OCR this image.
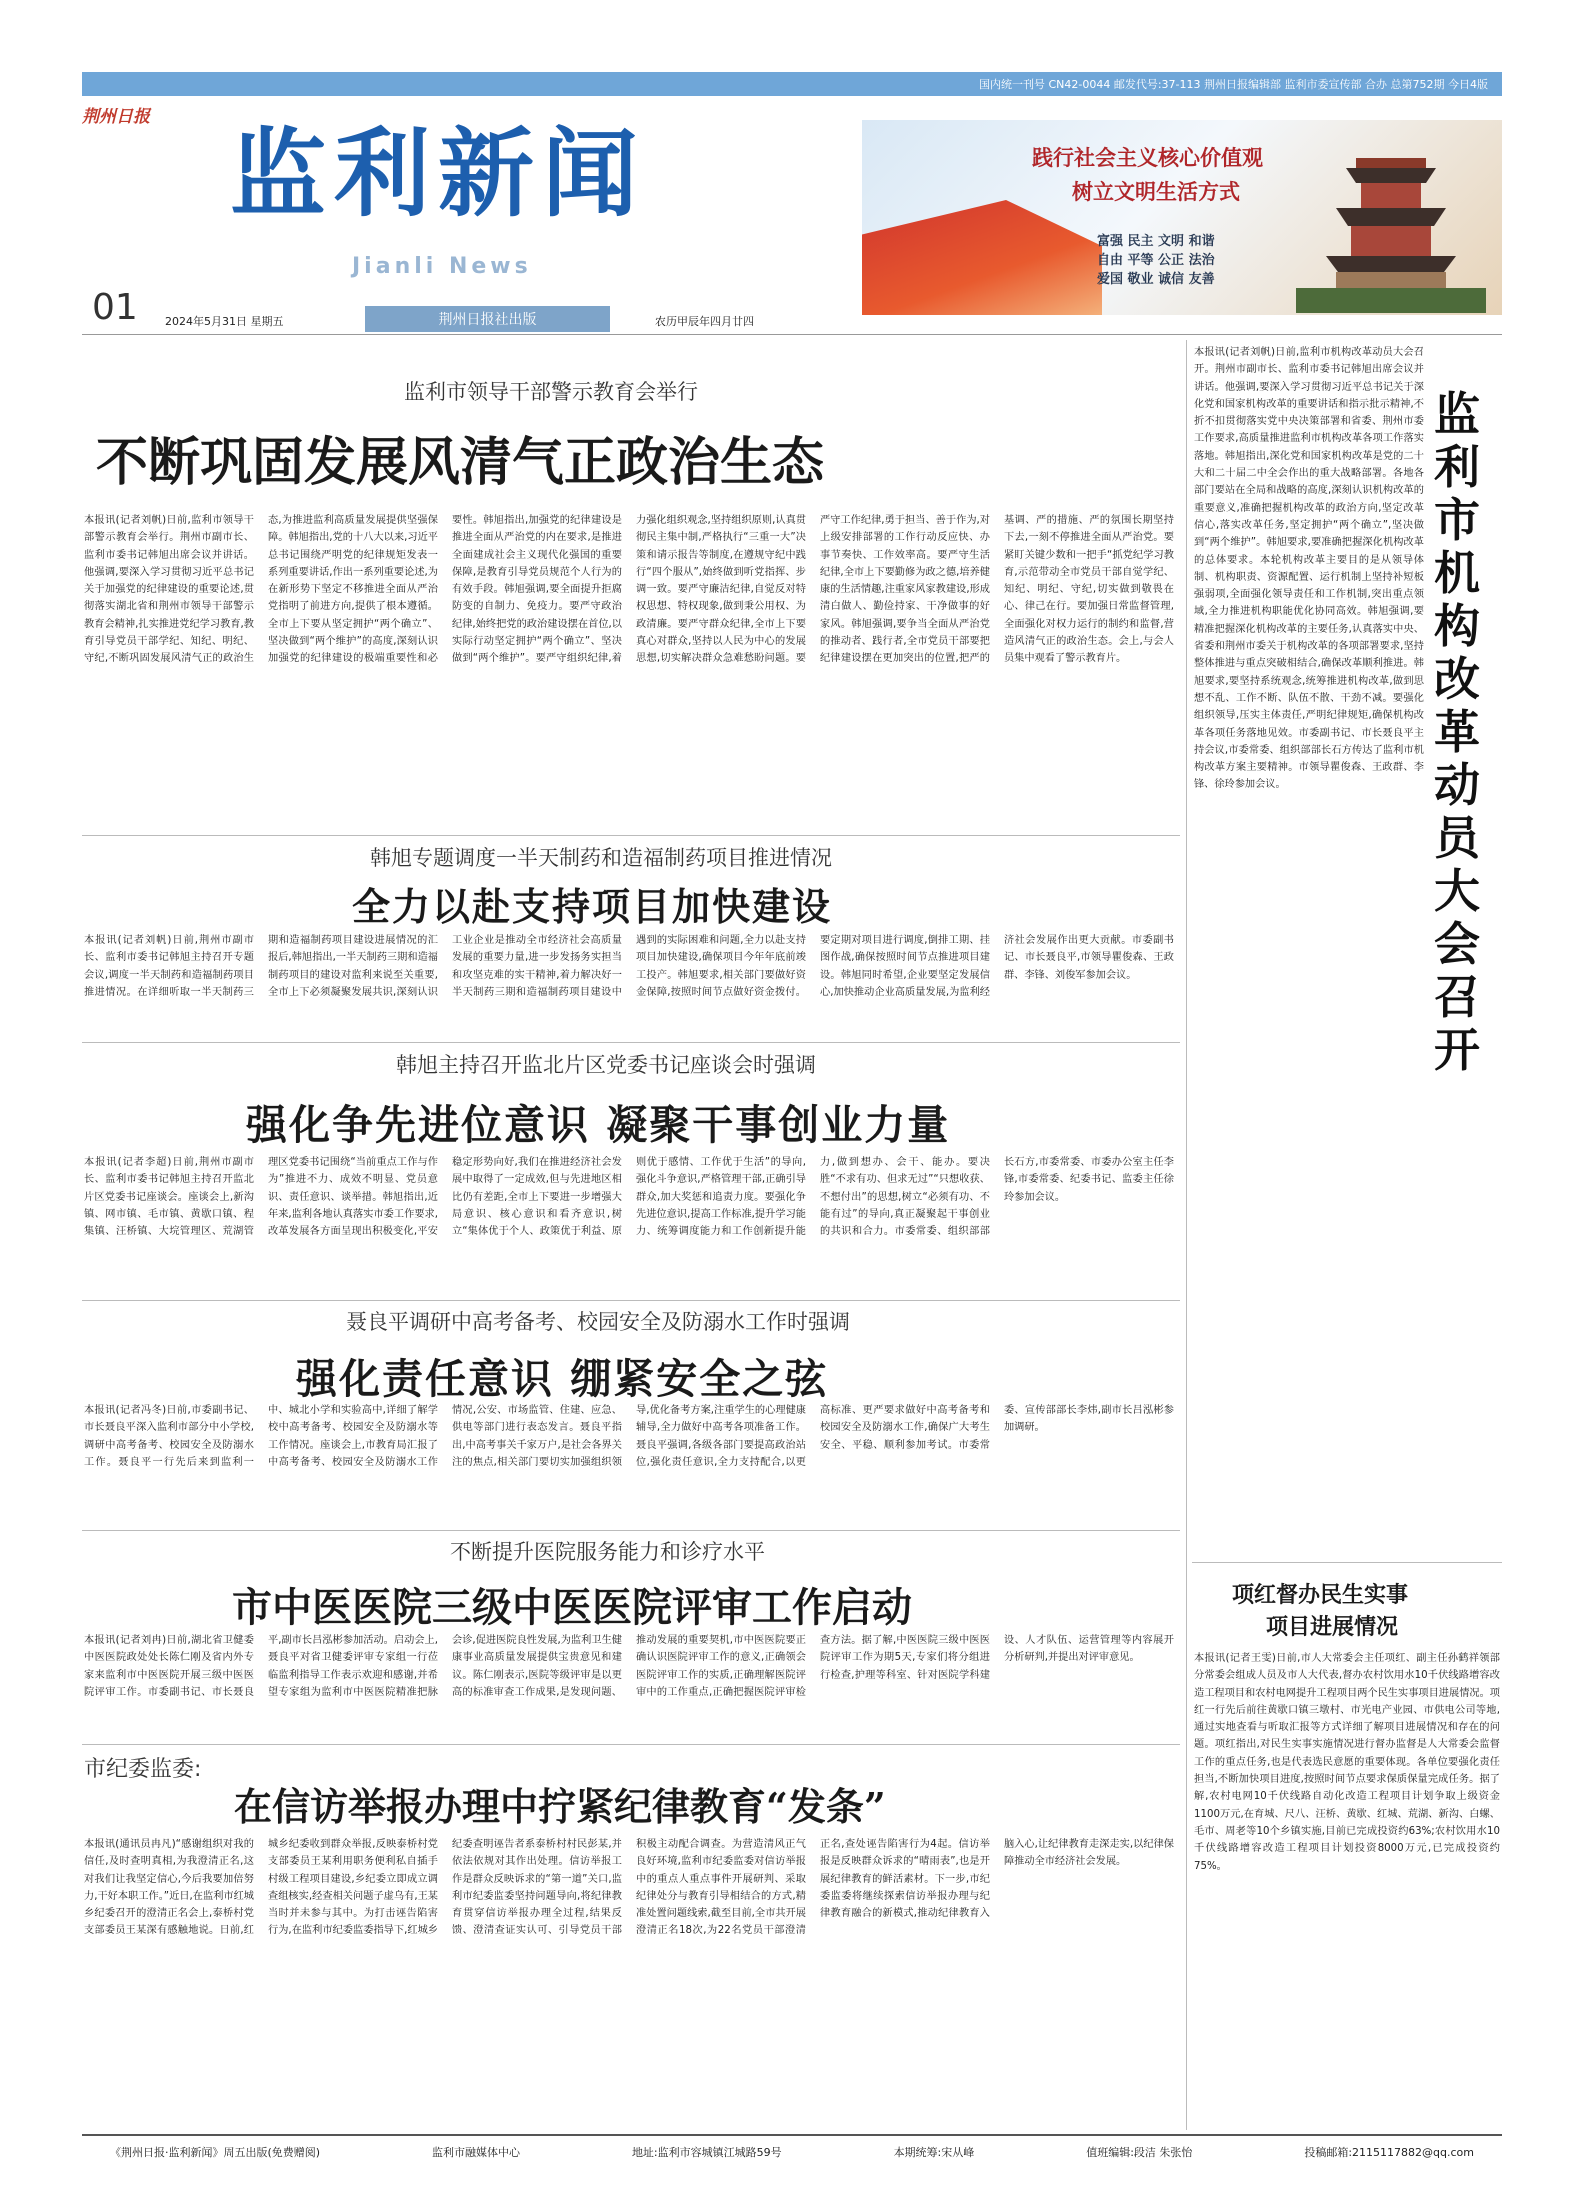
国内统一刊号 CN42-0044 邮发代号:37-113 荆州日报编辑部 监利市委宣传部 合办 总第752期 今日4版
荆州日报 监利新闻
Jianli News
01 2024年5月31日 星期五	荆州日报社出版	农历甲辰年四月廿四
践行社会主义核心价值观
树立文明生活方式
富强 民主 文明 和谐
自由 平等 公正 法治
爱国 敬业 诚信 友善
监利市领导干部警示教育会举行
不断巩固发展风清气正政治生态
本报讯(记者刘帆)日前,监利市领导干部警示教育会举行。荆州市副市长、监利市委书记韩旭出席会议并讲话。他强调,要深入学习贯彻习近平总书记关于加强党的纪律建设的重要论述,贯彻落实湖北省和荆州市领导干部警示教育会精神,扎实推进党纪学习教育,教育引导党员干部学纪、知纪、明纪、守纪,不断巩固发展风清气正的政治生态,为推进监利高质量发展提供坚强保障。韩旭指出,党的十八大以来,习近平总书记围绕严明党的纪律规矩发表一系列重要讲话,作出一系列重要论述,为在新形势下坚定不移推进全面从严治党指明了前进方向,提供了根本遵循。全市上下要从坚定拥护“两个确立”、坚决做到“两个维护”的高度,深刻认识加强党的纪律建设的极端重要性和必要性。韩旭指出,加强党的纪律建设是推进全面从严治党的内在要求,是推进全面建成社会主义现代化强国的重要保障,是教育引导党员规范个人行为的有效手段。韩旭强调,要全面提升拒腐防变的自制力、免疫力。要严守政治纪律,始终把党的政治建设摆在首位,以实际行动坚定拥护“两个确立”、坚决做到“两个维护”。要严守组织纪律,着力强化组织观念,坚持组织原则,认真贯彻民主集中制,严格执行“三重一大”决策和请示报告等制度,在遵规守纪中践行“四个服从”,始终做到听党指挥、步调一致。要严守廉洁纪律,自觉反对特权思想、特权现象,做到秉公用权、为政清廉。要严守群众纪律,全市上下要真心对群众,坚持以人民为中心的发展思想,切实解决群众急难愁盼问题。要严守工作纪律,勇于担当、善于作为,对上级安排部署的工作行动反应快、办事节奏快、工作效率高。要严守生活纪律,全市上下要勤修为政之德,培养健康的生活情趣,注重家风家教建设,形成清白做人、勤俭持家、干净做事的好家风。韩旭强调,要争当全面从严治党的推动者、践行者,全市党员干部要把纪律建设摆在更加突出的位置,把严的基调、严的措施、严的氛围长期坚持下去,一刻不停推进全面从严治党。要紧盯关键少数和一把手“抓党纪学习教育,示范带动全市党员干部自觉学纪、知纪、明纪、守纪,切实做到敬畏在心、律己在行。要加强日常监督管理,全面强化对权力运行的制约和监督,营造风清气正的政治生态。会上,与会人员集中观看了警示教育片。
韩旭专题调度一半天制药和造福制药项目推进情况
全力以赴支持项目加快建设
本报讯(记者刘帆)日前,荆州市副市长、监利市委书记韩旭主持召开专题会议,调度一半天制药和造福制药项目推进情况。在详细听取一半天制药三期和造福制药项目建设进展情况的汇报后,韩旭指出,一半天制药三期和造福制药项目的建设对监利来说至关重要,全市上下必须凝聚发展共识,深刻认识工业企业是推动全市经济社会高质量发展的重要力量,进一步发扬务实担当和攻坚克难的实干精神,着力解决好一半天制药三期和造福制药项目建设中遇到的实际困难和问题,全力以赴支持项目加快建设,确保项目今年年底前竣工投产。韩旭要求,相关部门要做好资金保障,按照时间节点做好资金拨付。要定期对项目进行调度,倒排工期、挂图作战,确保按照时间节点推进项目建设。韩旭同时希望,企业要坚定发展信心,加快推动企业高质量发展,为监利经济社会发展作出更大贡献。市委副书记、市长聂良平,市领导瞿俊森、王政群、李锋、刘俊军参加会议。
韩旭主持召开监北片区党委书记座谈会时强调
强化争先进位意识 凝聚干事创业力量
本报讯(记者李超)日前,荆州市副市长、监利市委书记韩旭主持召开监北片区党委书记座谈会。座谈会上,新沟镇、网市镇、毛市镇、黄歇口镇、程集镇、汪桥镇、大垸管理区、荒湖管理区党委书记围绕“当前重点工作与作为”推进不力、成效不明显、党员意识、责任意识、谈举措。韩旭指出,近年来,监利各地认真落实市委工作要求,改革发展各方面呈现出积极变化,平安稳定形势向好,我们在推进经济社会发展中取得了一定成效,但与先进地区相比仍有差距,全市上下要进一步增强大局意识、核心意识和看齐意识,树立“集体优于个人、政策优于利益、原则优于感情、工作优于生活”的导向,强化斗争意识,严格管理干部,正确引导群众,加大奖惩和追责力度。要强化争先进位意识,提高工作标准,提升学习能力、统筹调度能力和工作创新提升能力,做到想办、会干、能办。要决胜“不求有功、但求无过”“只想收获、不想付出”的思想,树立“必须有功、不能有过”的导向,真正凝聚起干事创业的共识和合力。市委常委、组织部部长石方,市委常委、市委办公室主任李锋,市委常委、纪委书记、监委主任徐玲参加会议。
聂良平调研中高考备考、校园安全及防溺水工作时强调
强化责任意识 绷紧安全之弦
本报讯(记者冯冬)日前,市委副书记、市长聂良平深入监利市部分中小学校,调研中高考备考、校园安全及防溺水工作。聂良平一行先后来到监利一中、城北小学和实验高中,详细了解学校中高考备考、校园安全及防溺水等工作情况。座谈会上,市教育局汇报了中高考备考、校园安全及防溺水工作情况,公安、市场监管、住建、应急、供电等部门进行表态发言。聂良平指出,中高考事关千家万户,是社会各界关注的焦点,相关部门要切实加强组织领导,优化备考方案,注重学生的心理健康辅导,全力做好中高考各项准备工作。聂良平强调,各级各部门要提高政治站位,强化责任意识,全力支持配合,以更高标准、更严要求做好中高考备考和校园安全及防溺水工作,确保广大考生安全、平稳、顺利参加考试。市委常委、宣传部部长李炜,副市长吕泓彬参加调研。
不断提升医院服务能力和诊疗水平
市中医医院三级中医医院评审工作启动
本报讯(记者刘冉)日前,湖北省卫健委中医医院政处处长陈仁刚及省内外专家来监利市中医医院开展三级中医医院评审工作。市委副书记、市长聂良平,副市长吕泓彬参加活动。启动会上,聂良平对省卫健委评审专家组一行莅临监利指导工作表示欢迎和感谢,并希望专家组为监利市中医医院精准把脉会诊,促进医院良性发展,为监利卫生健康事业高质量发展提供宝贵意见和建议。陈仁刚表示,医院等级评审是以更高的标准审查工作成果,是发现问题、推动发展的重要契机,市中医医院要正确认识医院评审工作的意义,正确领会医院评审工作的实质,正确理解医院评审中的工作重点,正确把握医院评审检查方法。据了解,中医医院三级中医医院评审工作为期5天,专家们将分组进行检查,护理等科室、针对医院学科建设、人才队伍、运营管理等内容展开分析研判,并提出对评审意见。
市纪委监委:
在信访举报办理中拧紧纪律教育“发条”
本报讯(通讯员冉凡)“感谢组织对我的信任,及时查明真相,为我澄清正名,这对我们让我坚定信心,今后我要加倍努力,干好本职工作。”近日,在监利市红城乡纪委召开的澄清正名会上,泰桥村党支部委员王某深有感触地说。日前,红城乡纪委收到群众举报,反映泰桥村党支部委员王某利用职务便利私自插手村级工程项目建设,乡纪委立即成立调查组核实,经查相关问题子虚乌有,王某当时并未参与其中。为打击诬告陷害行为,在监利市纪委监委指导下,红城乡纪委查明诬告者系泰桥村村民彭某,并依法依规对其作出处理。信访举报工作是群众反映诉求的“第一道”关口,监利市纪委监委坚持问题导向,将纪律教育贯穿信访举报办理全过程,结果反馈、澄清查证实认可、引导党员干部积极主动配合调查。为营造清风正气良好环境,监利市纪委监委对信访举报中的重点人重点事件开展研判、采取纪律处分与教育引导相结合的方式,精准处置问题线索,截至目前,全市共开展澄清正名18次,为22名党员干部澄清正名,查处诬告陷害行为4起。信访举报是反映群众诉求的“晴雨表”,也是开展纪律教育的鲜活素材。下一步,市纪委监委将继续探索信访举报办理与纪律教育融合的新模式,推动纪律教育入脑入心,让纪律教育走深走实,以纪律保障推动全市经济社会发展。
本报讯(记者刘帆)日前,监利市机构改革动员大会召开。荆州市副市长、监利市委书记韩旭出席会议并讲话。他强调,要深入学习贯彻习近平总书记关于深化党和国家机构改革的重要讲话和指示批示精神,不折不扣贯彻落实党中央决策部署和省委、荆州市委工作要求,高质量推进监利市机构改革各项工作落实落地。韩旭指出,深化党和国家机构改革是党的二十大和二十届二中全会作出的重大战略部署。各地各部门要站在全局和战略的高度,深刻认识机构改革的重要意义,准确把握机构改革的政治方向,坚定改革信心,落实改革任务,坚定拥护“两个确立”,坚决做到“两个维护”。韩旭要求,要准确把握深化机构改革的总体要求。本轮机构改革主要目的是从领导体制、机构职责、资源配置、运行机制上坚持补短板强弱项,全面强化领导责任和工作机制,突出重点领域,全力推进机构职能优化协同高效。韩旭强调,要精准把握深化机构改革的主要任务,认真落实中央、省委和荆州市委关于机构改革的各项部署要求,坚持整体推进与重点突破相结合,确保改革顺利推进。韩旭要求,要坚持系统观念,统筹推进机构改革,做到思想不乱、工作不断、队伍不散、干劲不减。要强化组织领导,压实主体责任,严明纪律规矩,确保机构改革各项任务落地见效。市委副书记、市长聂良平主持会议,市委常委、组织部部长石方传达了监利市机构改革方案主要精神。市领导瞿俊森、王政群、李锋、徐玲参加会议。
监利市机构改革动员大会召开
项红督办民生实事
项目进展情况
本报讯(记者王雯)日前,市人大常委会主任项红、副主任孙鹤祥领部分常委会组成人员及市人大代表,督办农村饮用水10千伏线路增容改造工程项目和农村电网提升工程项目两个民生实事项目进展情况。项红一行先后前往黄歇口镇三墩村、市光电产业园、市供电公司等地,通过实地查看与听取汇报等方式详细了解项目进展情况和存在的问题。项红指出,对民生实事实施情况进行督办监督是人大常委会监督工作的重点任务,也是代表选民意愿的重要体现。各单位要强化责任担当,不断加快项目进度,按照时间节点要求保质保量完成任务。据了解,农村电网10千伏线路自动化改造工程项目计划争取上级资金1100万元,在育城、尺八、汪桥、黄歇、红城、荒湖、新沟、白螺、毛市、周老等10个乡镇实施,目前已完成投资约63%;农村饮用水10千伏线路增容改造工程项目计划投资8000万元,已完成投资约75%。
《荆州日报·监利新闻》周五出版(免费赠阅)	监利市融媒体中心	地址:监利市容城镇江城路59号	本期统筹:宋从峰	值班编辑:段洁 朱张怡	投稿邮箱:2115117882@qq.com
